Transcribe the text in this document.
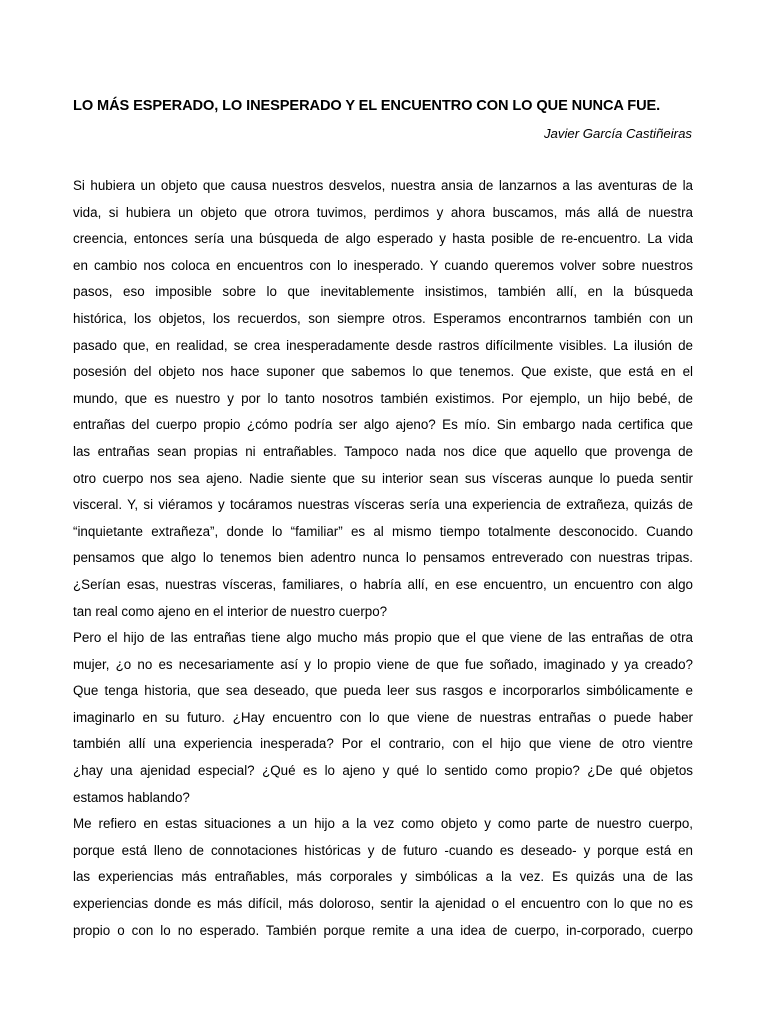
LO MÁS ESPERADO, LO INESPERADO Y EL ENCUENTRO CON LO QUE NUNCA FUE.

Javier García Castiñeiras

Si hubiera un objeto que causa nuestros desvelos, nuestra ansia de lanzarnos a las aventuras de la
vida, si hubiera un objeto que otrora tuvimos, perdimos y ahora buscamos, más allá de nuestra
creencia, entonces sería una búsqueda de algo esperado y hasta posible de re-encuentro. La vida
en cambio nos coloca en encuentros con lo inesperado. Y cuando queremos volver sobre nuestros
pasos, eso imposible sobre lo que inevitablemente insistimos, también allí, en la búsqueda
histórica, los objetos, los recuerdos, son siempre otros. Esperamos encontrarnos también con un
pasado que, en realidad, se crea inesperadamente desde rastros difícilmente visibles. La ilusión de
posesión del objeto nos hace suponer que sabemos lo que tenemos. Que existe, que está en el
mundo, que es nuestro y por lo tanto nosotros también existimos. Por ejemplo, un hijo bebé, de
entrañas del cuerpo propio ¿cómo podría ser algo ajeno? Es mío. Sin embargo nada certifica que
las entrañas sean propias ni entrañables. Tampoco nada nos dice que aquello que provenga de
otro cuerpo nos sea ajeno. Nadie siente que su interior sean sus vísceras aunque lo pueda sentir
visceral. Y, si viéramos y tocáramos nuestras vísceras sería una experiencia de extrañeza, quizás de
“inquietante extrañeza”, donde lo “familiar” es al mismo tiempo totalmente desconocido. Cuando
pensamos que algo lo tenemos bien adentro nunca lo pensamos entreverado con nuestras tripas.
¿Serían esas, nuestras vísceras, familiares, o habría allí, en ese encuentro, un encuentro con algo
tan real como ajeno en el interior de nuestro cuerpo?
Pero el hijo de las entrañas tiene algo mucho más propio que el que viene de las entrañas de otra
mujer, ¿o no es necesariamente así y lo propio viene de que fue soñado, imaginado y ya creado?
Que tenga historia, que sea deseado, que pueda leer sus rasgos e incorporarlos simbólicamente e
imaginarlo en su futuro. ¿Hay encuentro con lo que viene de nuestras entrañas o puede haber
también allí una experiencia inesperada? Por el contrario, con el hijo que viene de otro vientre
¿hay una ajenidad especial? ¿Qué es lo ajeno y qué lo sentido como propio? ¿De qué objetos
estamos hablando?
Me refiero en estas situaciones a un hijo a la vez como objeto y como parte de nuestro cuerpo,
porque está lleno de connotaciones históricas y de futuro -cuando es deseado- y porque está en
las experiencias más entrañables, más corporales y simbólicas a la vez. Es quizás una de las
experiencias donde es más difícil, más doloroso, sentir la ajenidad o el encuentro con lo que no es
propio o con lo no esperado. También porque remite a una idea de cuerpo, in-corporado, cuerpo
